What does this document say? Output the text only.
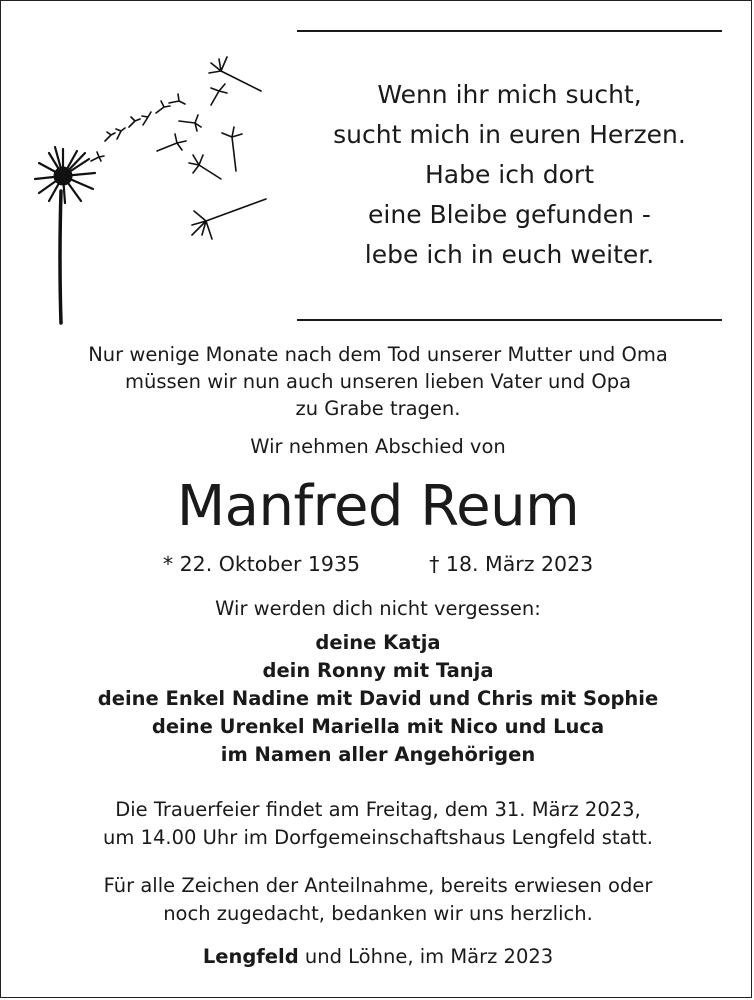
Wenn ihr mich sucht,
sucht mich in euren Herzen.
Habe ich dort
eine Bleibe gefunden -
lebe ich in euch weiter.
Nur wenige Monate nach dem Tod unserer Mutter und Oma
müssen wir nun auch unseren lieben Vater und Opa
zu Grabe tragen.
Wir nehmen Abschied von
Manfred Reum
* 22. Oktober 1935	† 18. März 2023
Wir werden dich nicht vergessen:
deine Katja
dein Ronny mit Tanja
deine Enkel Nadine mit David und Chris mit Sophie
deine Urenkel Mariella mit Nico und Luca
im Namen aller Angehörigen
Die Trauerfeier findet am Freitag, dem 31. März 2023,
um 14.00 Uhr im Dorfgemeinschaftshaus Lengfeld statt.
Für alle Zeichen der Anteilnahme, bereits erwiesen oder
noch zugedacht, bedanken wir uns herzlich.
Lengfeld und Löhne, im März 2023
